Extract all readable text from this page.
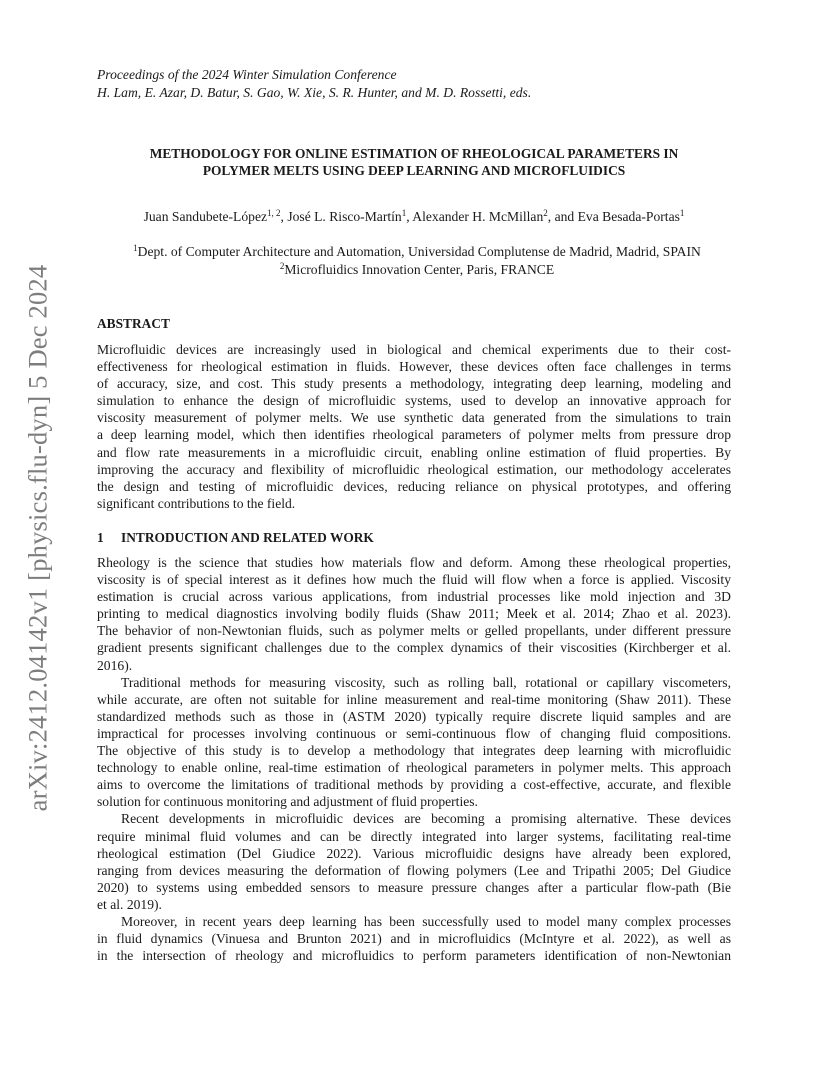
arXiv:2412.04142v1 [physics.flu-dyn] 5 Dec 2024
Proceedings of the 2024 Winter Simulation Conference
H. Lam, E. Azar, D. Batur, S. Gao, W. Xie, S. R. Hunter, and M. D. Rossetti, eds.
METHODOLOGY FOR ONLINE ESTIMATION OF RHEOLOGICAL PARAMETERS IN
POLYMER MELTS USING DEEP LEARNING AND MICROFLUIDICS
Juan Sandubete-López$^{1, 2}$, José L. Risco-Martín$^1$, Alexander H. McMillan$^2$, and Eva Besada-Portas$^1$
$^1$Dept. of Computer Architecture and Automation, Universidad Complutense de Madrid, Madrid, SPAIN
$^2$Microfluidics Innovation Center, Paris, FRANCE
ABSTRACT
Microfluidic devices are increasingly used in biological and chemical experiments due to their cost-
effectiveness for rheological estimation in fluids. However, these devices often face challenges in terms
of accuracy, size, and cost. This study presents a methodology, integrating deep learning, modeling and
simulation to enhance the design of microfluidic systems, used to develop an innovative approach for
viscosity measurement of polymer melts. We use synthetic data generated from the simulations to train
a deep learning model, which then identifies rheological parameters of polymer melts from pressure drop
and flow rate measurements in a microfluidic circuit, enabling online estimation of fluid properties. By
improving the accuracy and flexibility of microfluidic rheological estimation, our methodology accelerates
the design and testing of microfluidic devices, reducing reliance on physical prototypes, and offering
significant contributions to the field.
1 INTRODUCTION AND RELATED WORK

Rheology is the science that studies how materials flow and deform. Among these rheological properties,
viscosity is of special interest as it defines how much the fluid will flow when a force is applied. Viscosity
estimation is crucial across various applications, from industrial processes like mold injection and 3D
printing to medical diagnostics involving bodily fluids (Shaw 2011; Meek et al. 2014; Zhao et al. 2023).
The behavior of non-Newtonian fluids, such as polymer melts or gelled propellants, under different pressure
gradient presents significant challenges due to the complex dynamics of their viscosities (Kirchberger et al.
2016).

Traditional methods for measuring viscosity, such as rolling ball, rotational or capillary viscometers,
while accurate, are often not suitable for inline measurement and real-time monitoring (Shaw 2011). These
standardized methods such as those in (ASTM 2020) typically require discrete liquid samples and are
impractical for processes involving continuous or semi-continuous flow of changing fluid compositions.
The objective of this study is to develop a methodology that integrates deep learning with microfluidic
technology to enable online, real-time estimation of rheological parameters in polymer melts. This approach
aims to overcome the limitations of traditional methods by providing a cost-effective, accurate, and flexible
solution for continuous monitoring and adjustment of fluid properties.

Recent developments in microfluidic devices are becoming a promising alternative. These devices
require minimal fluid volumes and can be directly integrated into larger systems, facilitating real-time
rheological estimation (Del Giudice 2022). Various microfluidic designs have already been explored,
ranging from devices measuring the deformation of flowing polymers (Lee and Tripathi 2005; Del Giudice
2020) to systems using embedded sensors to measure pressure changes after a particular flow-path (Bie
et al. 2019).

Moreover, in recent years deep learning has been successfully used to model many complex processes
in fluid dynamics (Vinuesa and Brunton 2021) and in microfluidics (McIntyre et al. 2022), as well as
in the intersection of rheology and microfluidics to perform parameters identification of non-Newtonian
